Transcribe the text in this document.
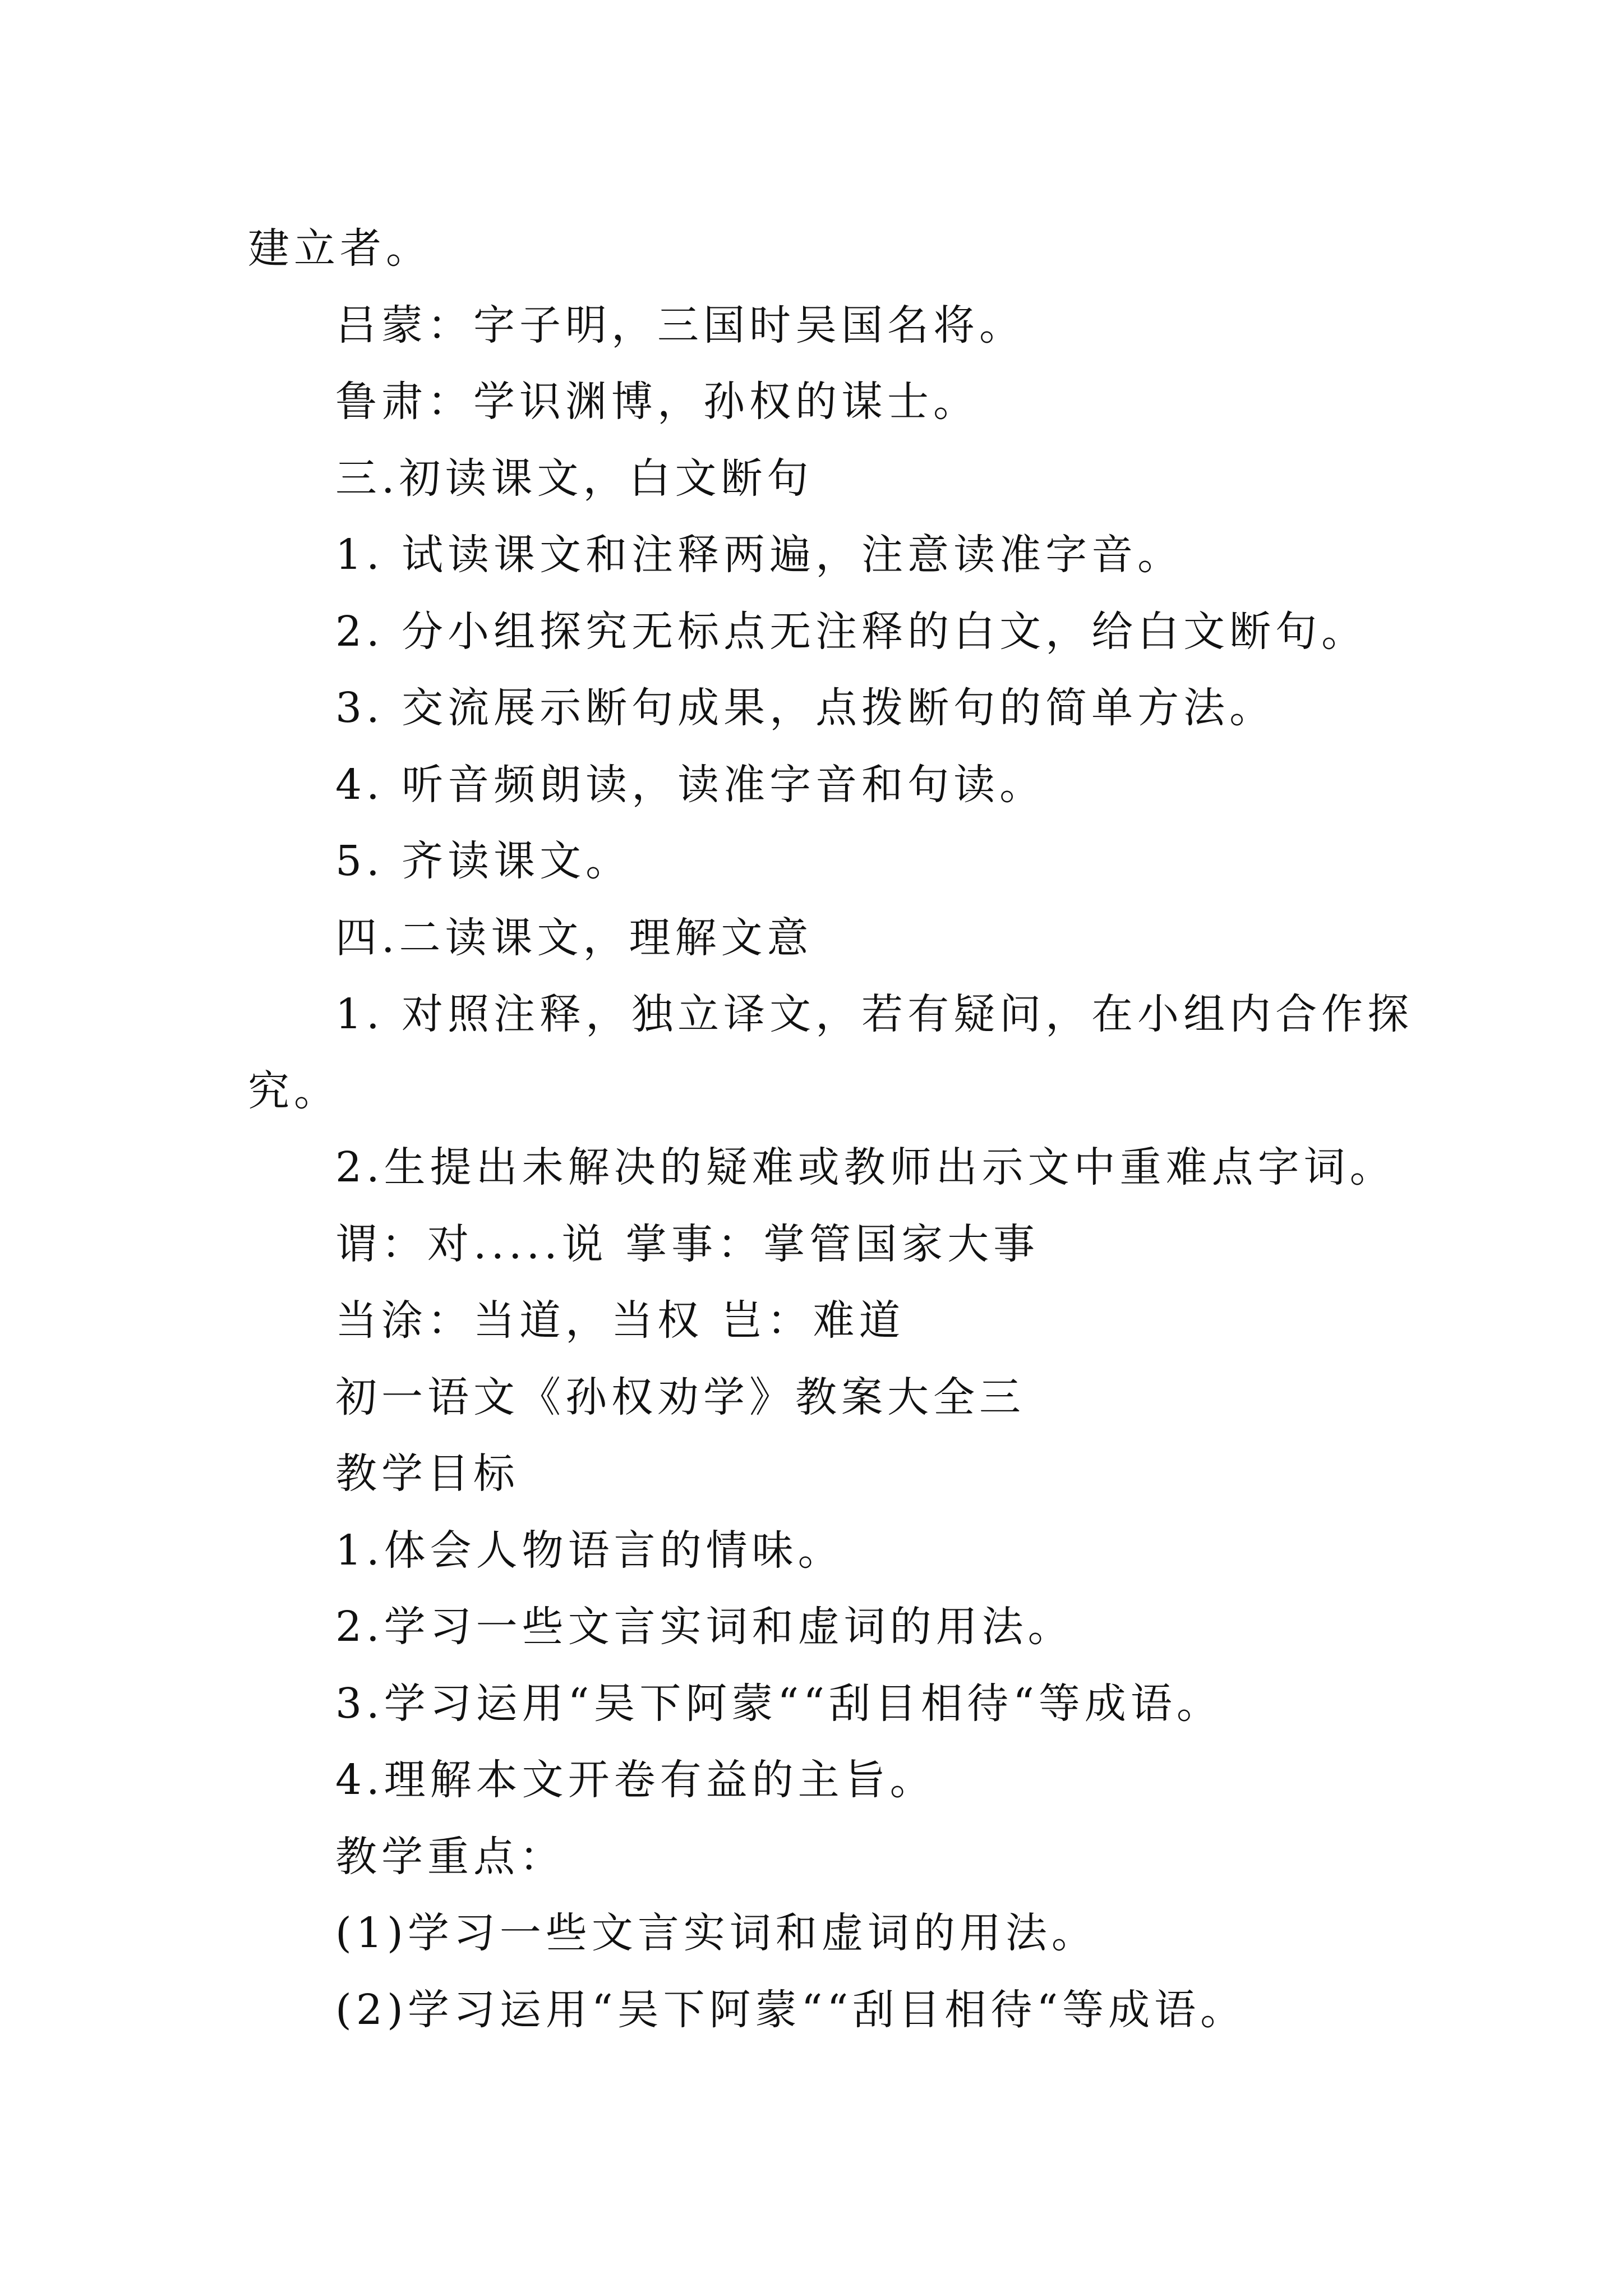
建立者。
吕蒙：字子明，三国时吴国名将。
鲁肃：学识渊博，孙权的谋士。
三.初读课文，白文断句
1. 试读课文和注释两遍，注意读准字音。
2. 分小组探究无标点无注释的白文，给白文断句。
3. 交流展示断句成果，点拨断句的简单方法。
4. 听音频朗读，读准字音和句读。
5. 齐读课文。
四.二读课文，理解文意
1. 对照注释，独立译文，若有疑问，在小组内合作探
究。
2.生提出未解决的疑难或教师出示文中重难点字词。
谓：对.....说 掌事：掌管国家大事
当涂：当道，当权 岂：难道
初一语文《孙权劝学》教案大全三
教学目标
1.体会人物语言的情味。
2.学习一些文言实词和虚词的用法。
3.学习运用“吴下阿蒙““刮目相待“等成语。
4.理解本文开卷有益的主旨。
教学重点：
(1)学习一些文言实词和虚词的用法。
(2)学习运用“吴下阿蒙““刮目相待“等成语。
